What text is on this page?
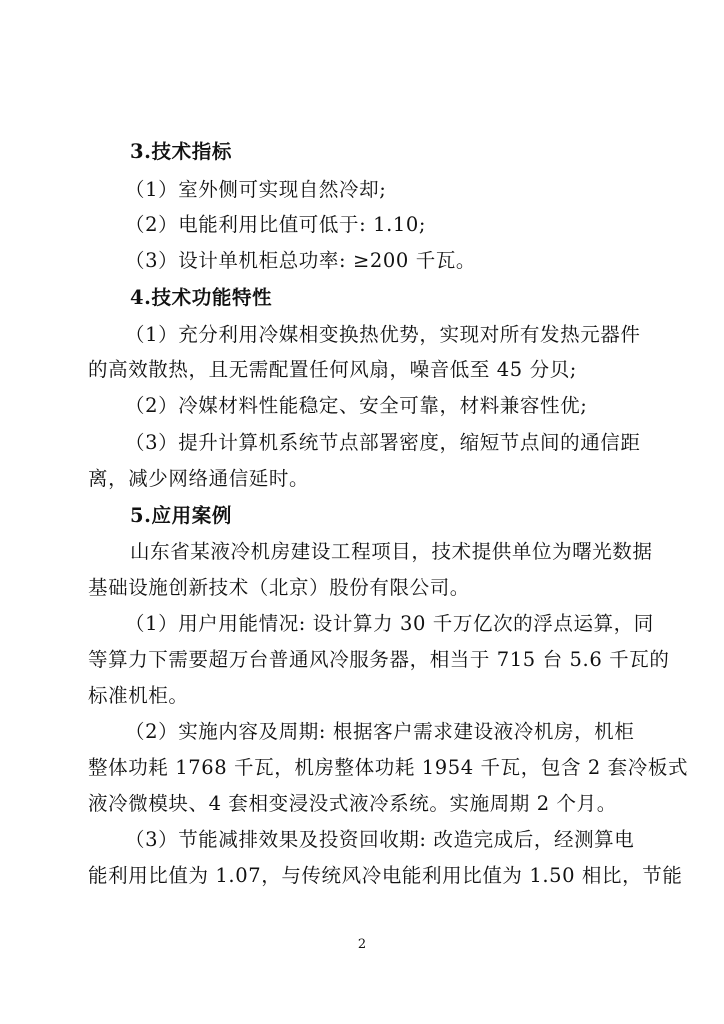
3.技术指标
（1）室外侧可实现自然冷却;
（2）电能利用比值可低于: 1.10;
（3）设计单机柜总功率: ≥200 千瓦。
4.技术功能特性
（1）充分利用冷媒相变换热优势，实现对所有发热元器件
的高效散热，且无需配置任何风扇，噪音低至 45 分贝;
（2）冷媒材料性能稳定、安全可靠，材料兼容性优;
（3）提升计算机系统节点部署密度，缩短节点间的通信距
离，减少网络通信延时。
5.应用案例
山东省某液冷机房建设工程项目，技术提供单位为曙光数据
基础设施创新技术（北京）股份有限公司。
（1）用户用能情况: 设计算力 30 千万亿次的浮点运算，同
等算力下需要超万台普通风冷服务器，相当于 715 台 5.6 千瓦的
标准机柜。
（2）实施内容及周期: 根据客户需求建设液冷机房，机柜
整体功耗 1768 千瓦，机房整体功耗 1954 千瓦，包含 2 套冷板式
液冷微模块、4 套相变浸没式液冷系统。实施周期 2 个月。
（3）节能减排效果及投资回收期: 改造完成后，经测算电
能利用比值为 1.07，与传统风冷电能利用比值为 1.50 相比，节能
2
